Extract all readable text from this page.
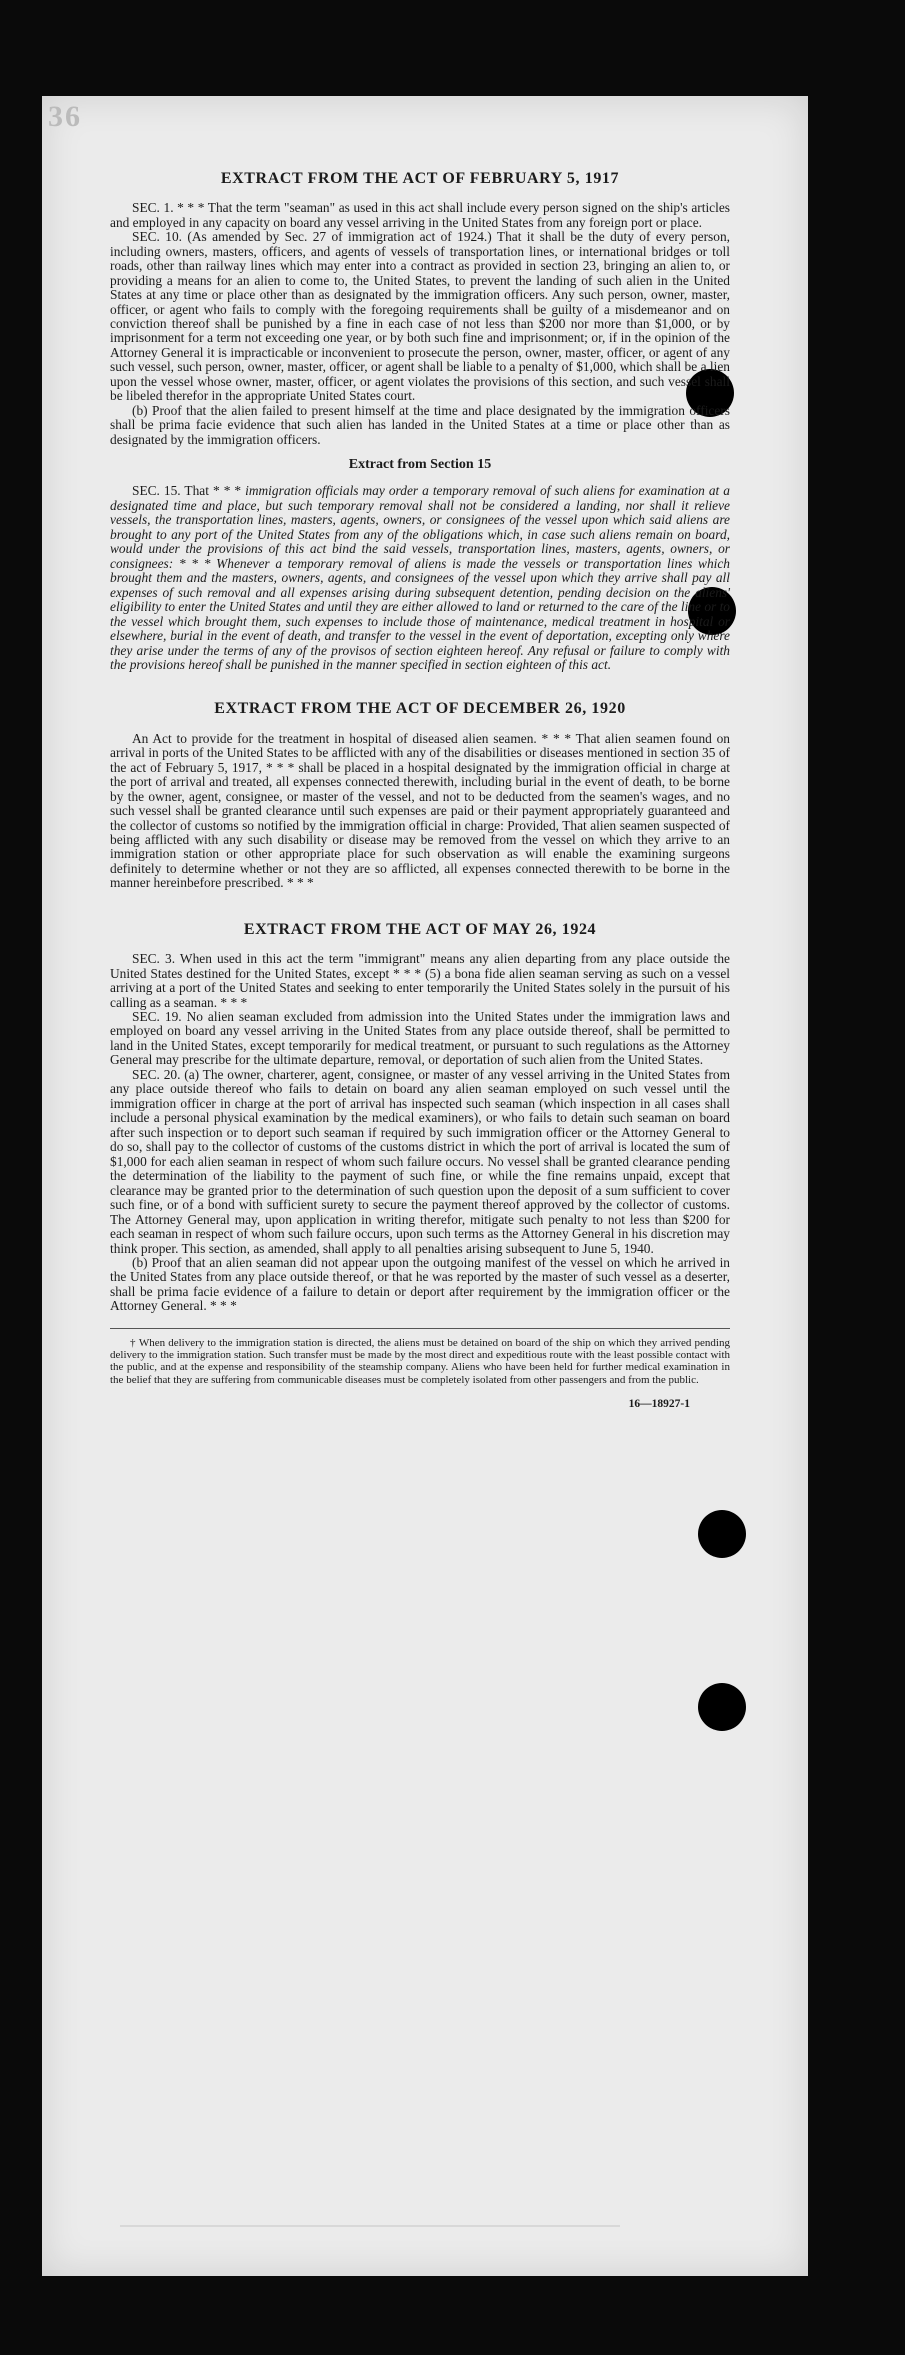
36
EXTRACT FROM THE ACT OF FEBRUARY 5, 1917

SEC. 1. * * * That the term "seaman" as used in this act shall include every person signed on the ship's articles and employed in any capacity on board any vessel arriving in the United States from any foreign port or place.

SEC. 10. (As amended by Sec. 27 of immigration act of 1924.) That it shall be the duty of every person, including owners, masters, officers, and agents of vessels of transportation lines, or international bridges or toll roads, other than railway lines which may enter into a contract as provided in section 23, bringing an alien to, or providing a means for an alien to come to, the United States, to prevent the landing of such alien in the United States at any time or place other than as designated by the immigration officers. Any such person, owner, master, officer, or agent who fails to comply with the foregoing requirements shall be guilty of a misdemeanor and on conviction thereof shall be punished by a fine in each case of not less than $200 nor more than $1,000, or by imprisonment for a term not exceeding one year, or by both such fine and imprisonment; or, if in the opinion of the Attorney General it is impracticable or inconvenient to prosecute the person, owner, master, officer, or agent of any such vessel, such person, owner, master, officer, or agent shall be liable to a penalty of $1,000, which shall be a lien upon the vessel whose owner, master, officer, or agent violates the provisions of this section, and such vessel shall be libeled therefor in the appropriate United States court.

(b) Proof that the alien failed to present himself at the time and place designated by the immigration officers shall be prima facie evidence that such alien has landed in the United States at a time or place other than as designated by the immigration officers.

Extract from Section 15

SEC. 15. That * * * immigration officials may order a temporary removal of such aliens for examination at a designated time and place, but such temporary removal shall not be considered a landing, nor shall it relieve vessels, the transportation lines, masters, agents, owners, or consignees of the vessel upon which said aliens are brought to any port of the United States from any of the obligations which, in case such aliens remain on board, would under the provisions of this act bind the said vessels, transportation lines, masters, agents, owners, or consignees: * * * Whenever a temporary removal of aliens is made the vessels or transportation lines which brought them and the masters, owners, agents, and consignees of the vessel upon which they arrive shall pay all expenses of such removal and all expenses arising during subsequent detention, pending decision on the aliens' eligibility to enter the United States and until they are either allowed to land or returned to the care of the line or to the vessel which brought them, such expenses to include those of maintenance, medical treatment in hospital or elsewhere, burial in the event of death, and transfer to the vessel in the event of deportation, excepting only where they arise under the terms of any of the provisos of section eighteen hereof. Any refusal or failure to comply with the provisions hereof shall be punished in the manner specified in section eighteen of this act.

EXTRACT FROM THE ACT OF DECEMBER 26, 1920

An Act to provide for the treatment in hospital of diseased alien seamen. * * * That alien seamen found on arrival in ports of the United States to be afflicted with any of the disabilities or diseases mentioned in section 35 of the act of February 5, 1917, * * * shall be placed in a hospital designated by the immigration official in charge at the port of arrival and treated, all expenses connected therewith, including burial in the event of death, to be borne by the owner, agent, consignee, or master of the vessel, and not to be deducted from the seamen's wages, and no such vessel shall be granted clearance until such expenses are paid or their payment appropriately guaranteed and the collector of customs so notified by the immigration official in charge: Provided, That alien seamen suspected of being afflicted with any such disability or disease may be removed from the vessel on which they arrive to an immigration station or other appropriate place for such observation as will enable the examining surgeons definitely to determine whether or not they are so afflicted, all expenses connected therewith to be borne in the manner hereinbefore prescribed. * * *

EXTRACT FROM THE ACT OF MAY 26, 1924

SEC. 3. When used in this act the term "immigrant" means any alien departing from any place outside the United States destined for the United States, except * * * (5) a bona fide alien seaman serving as such on a vessel arriving at a port of the United States and seeking to enter temporarily the United States solely in the pursuit of his calling as a seaman. * * *

SEC. 19. No alien seaman excluded from admission into the United States under the immigration laws and employed on board any vessel arriving in the United States from any place outside thereof, shall be permitted to land in the United States, except temporarily for medical treatment, or pursuant to such regulations as the Attorney General may prescribe for the ultimate departure, removal, or deportation of such alien from the United States.

SEC. 20. (a) The owner, charterer, agent, consignee, or master of any vessel arriving in the United States from any place outside thereof who fails to detain on board any alien seaman employed on such vessel until the immigration officer in charge at the port of arrival has inspected such seaman (which inspection in all cases shall include a personal physical examination by the medical examiners), or who fails to detain such seaman on board after such inspection or to deport such seaman if required by such immigration officer or the Attorney General to do so, shall pay to the collector of customs of the customs district in which the port of arrival is located the sum of $1,000 for each alien seaman in respect of whom such failure occurs. No vessel shall be granted clearance pending the determination of the liability to the payment of such fine, or while the fine remains unpaid, except that clearance may be granted prior to the determination of such question upon the deposit of a sum sufficient to cover such fine, or of a bond with sufficient surety to secure the payment thereof approved by the collector of customs. The Attorney General may, upon application in writing therefor, mitigate such penalty to not less than $200 for each seaman in respect of whom such failure occurs, upon such terms as the Attorney General in his discretion may think proper. This section, as amended, shall apply to all penalties arising subsequent to June 5, 1940.

(b) Proof that an alien seaman did not appear upon the outgoing manifest of the vessel on which he arrived in the United States from any place outside thereof, or that he was reported by the master of such vessel as a deserter, shall be prima facie evidence of a failure to detain or deport after requirement by the immigration officer or the Attorney General. * * *

† When delivery to the immigration station is directed, the aliens must be detained on board of the ship on which they arrived pending delivery to the immigration station. Such transfer must be made by the most direct and expeditious route with the least possible contact with the public, and at the expense and responsibility of the steamship company. Aliens who have been held for further medical examination in the belief that they are suffering from communicable diseases must be completely isolated from other passengers and from the public.

16—18927-1
